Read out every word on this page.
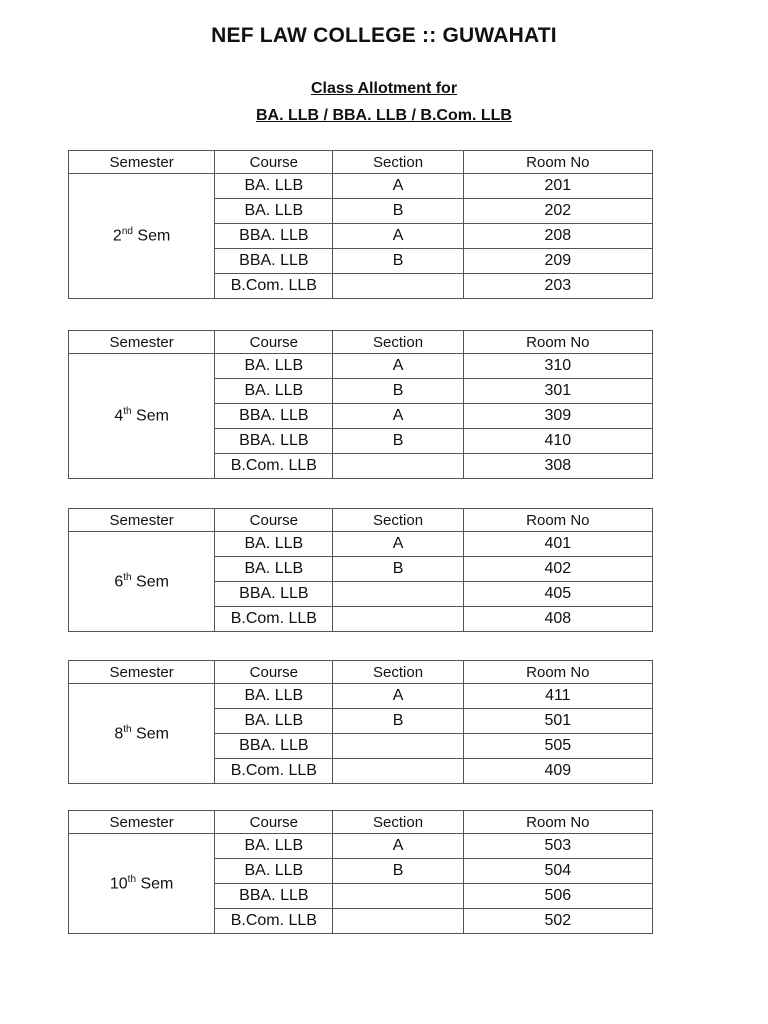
NEF LAW COLLEGE :: GUWAHATI
Class Allotment for
BA. LLB / BBA. LLB / B.Com. LLB
Semester	Course	Section	Room No
2nd Sem	BA. LLB	A	201
	BA. LLB	B	202
	BBA. LLB	A	208
	BBA. LLB	B	209
	B.Com. LLB		203
Semester	Course	Section	Room No
4th Sem	BA. LLB	A	310
	BA. LLB	B	301
	BBA. LLB	A	309
	BBA. LLB	B	410
	B.Com. LLB		308
Semester	Course	Section	Room No
6th Sem	BA. LLB	A	401
	BA. LLB	B	402
	BBA. LLB		405
	B.Com. LLB		408
Semester	Course	Section	Room No
8th Sem	BA. LLB	A	411
	BA. LLB	B	501
	BBA. LLB		505
	B.Com. LLB		409
Semester	Course	Section	Room No
10th Sem	BA. LLB	A	503
	BA. LLB	B	504
	BBA. LLB		506
	B.Com. LLB		502
